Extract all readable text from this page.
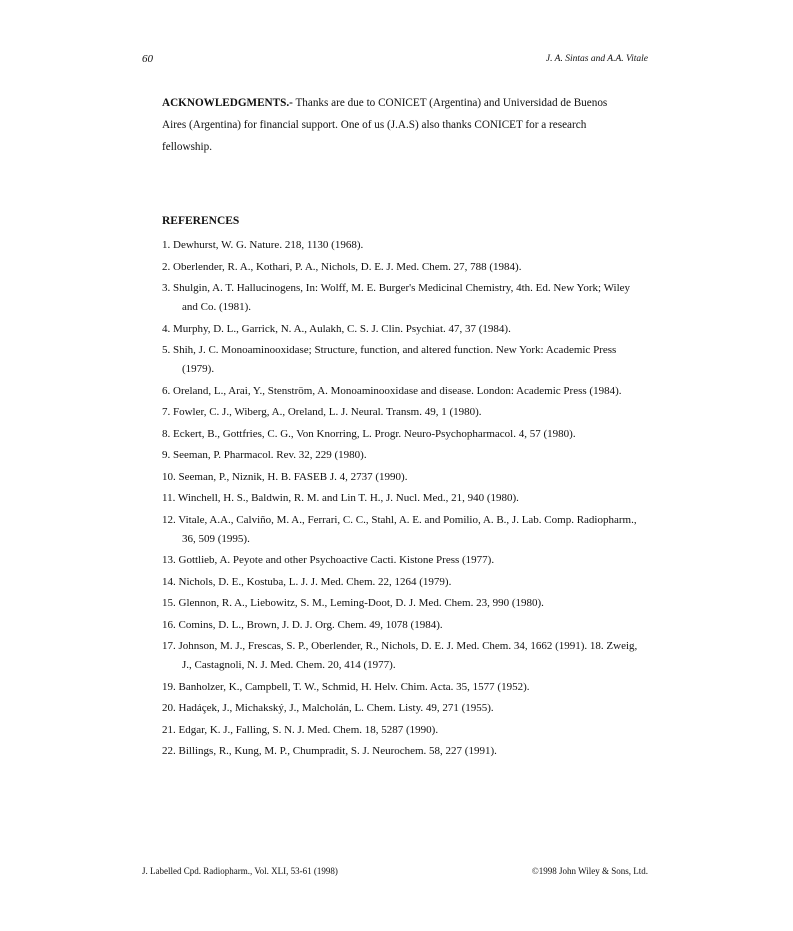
60	J. A. Sintas and A.A. Vitale
ACKNOWLEDGMENTS.- Thanks are due to CONICET (Argentina) and Universidad de Buenos Aires (Argentina) for financial support. One of us (J.A.S) also thanks CONICET for a research fellowship.
REFERENCES
1. Dewhurst, W. G. Nature. 218, 1130 (1968).
2. Oberlender, R. A., Kothari, P. A., Nichols, D. E. J. Med. Chem. 27, 788 (1984).
3. Shulgin, A. T. Hallucinogens, In: Wolff, M. E. Burger's Medicinal Chemistry, 4th. Ed. New York; Wiley and Co. (1981).
4. Murphy, D. L., Garrick, N. A., Aulakh, C. S. J. Clin. Psychiat. 47, 37 (1984).
5. Shih, J. C. Monoaminooxidase; Structure, function, and altered function. New York: Academic Press (1979).
6. Oreland, L., Arai, Y., Stenström, A. Monoaminooxidase and disease. London: Academic Press (1984).
7. Fowler, C. J., Wiberg, A., Oreland, L. J. Neural. Transm. 49, 1 (1980).
8. Eckert, B., Gottfries, C. G., Von Knorring, L. Progr. Neuro-Psychopharmacol. 4, 57 (1980).
9. Seeman, P. Pharmacol. Rev. 32, 229 (1980).
10. Seeman, P., Niznik, H. B. FASEB J. 4, 2737 (1990).
11. Winchell, H. S., Baldwin, R. M. and Lin T. H., J. Nucl. Med., 21, 940 (1980).
12. Vitale, A.A., Calviño, M. A., Ferrari, C. C., Stahl, A. E. and Pomilio, A. B., J. Lab. Comp. Radiopharm., 36, 509 (1995).
13. Gottlieb, A. Peyote and other Psychoactive Cacti. Kistone Press (1977).
14. Nichols, D. E., Kostuba, L. J. J. Med. Chem. 22, 1264 (1979).
15. Glennon, R. A., Liebowitz, S. M., Leming-Doot, D. J. Med. Chem. 23, 990 (1980).
16. Comins, D. L., Brown, J. D. J. Org. Chem. 49, 1078 (1984).
17. Johnson, M. J., Frescas, S. P., Oberlender, R., Nichols, D. E. J. Med. Chem. 34, 1662 (1991). 18. Zweig, J., Castagnoli, N. J. Med. Chem. 20, 414 (1977).
19. Banholzer, K., Campbell, T. W., Schmid, H. Helv. Chim. Acta. 35, 1577 (1952).
20. Hadáçek, J., Michakský, J., Malcholán, L. Chem. Listy. 49, 271 (1955).
21. Edgar, K. J., Falling, S. N. J. Med. Chem. 18, 5287 (1990).
22. Billings, R., Kung, M. P., Chumpradit, S. J. Neurochem. 58, 227 (1991).
J. Labelled Cpd. Radiopharm., Vol. XLI, 53-61 (1998)	©1998 John Wiley & Sons, Ltd.
